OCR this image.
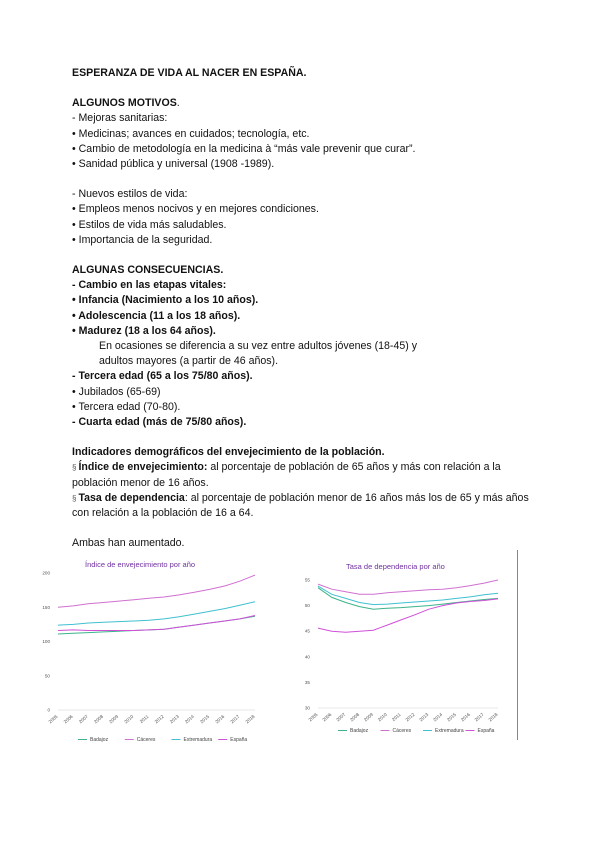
ESPERANZA DE VIDA AL NACER EN ESPAÑA.
ALGUNOS MOTIVOS.
- Mejoras sanitarias:
• Medicinas; avances en cuidados; tecnología, etc.
• Cambio de metodología en la medicina à “más vale prevenir que curar”.
• Sanidad pública y universal (1908 -1989).
- Nuevos estilos de vida:
• Empleos menos nocivos y en mejores condiciones.
• Estilos de vida más saludables.
• Importancia de la seguridad.
ALGUNAS CONSECUENCIAS.
- Cambio en las etapas vitales:
• Infancia (Nacimiento a los 10 años).
• Adolescencia (11 a los 18 años).
• Madurez (18 a los 64 años).
En ocasiones se diferencia a su vez entre adultos jóvenes (18-45) y
adultos mayores (a partir de 46 años).
- Tercera edad (65 a los 75/80 años).
• Jubilados (65-69)
• Tercera edad (70-80).
- Cuarta edad (más de 75/80 años).
Indicadores demográficos del envejecimiento de la población.
§ Índice de envejecimiento: al porcentaje de población de 65 años y más con relación a la población menor de 16 años.
§ Tasa de dependencia: al porcentaje de población menor de 16 años más los de 65 y más años con relación a la población de 16 a 64.
Ambas han aumentado.
Índice de envejecimiento por año
0
50
100
150
200
2005 2006 2007 2008 2009 2010 2011 2012 2013 2014 2015 2016 2017 2018
Badajoz	Cáceres	Extremadura	España
Tasa de dependencia por año
30
35
40
45
50
55
2005 2006 2007 2008 2009 2010 2011 2012 2013 2014 2015 2016 2017 2018
Badajoz	Cáceres	Extremadura	España
